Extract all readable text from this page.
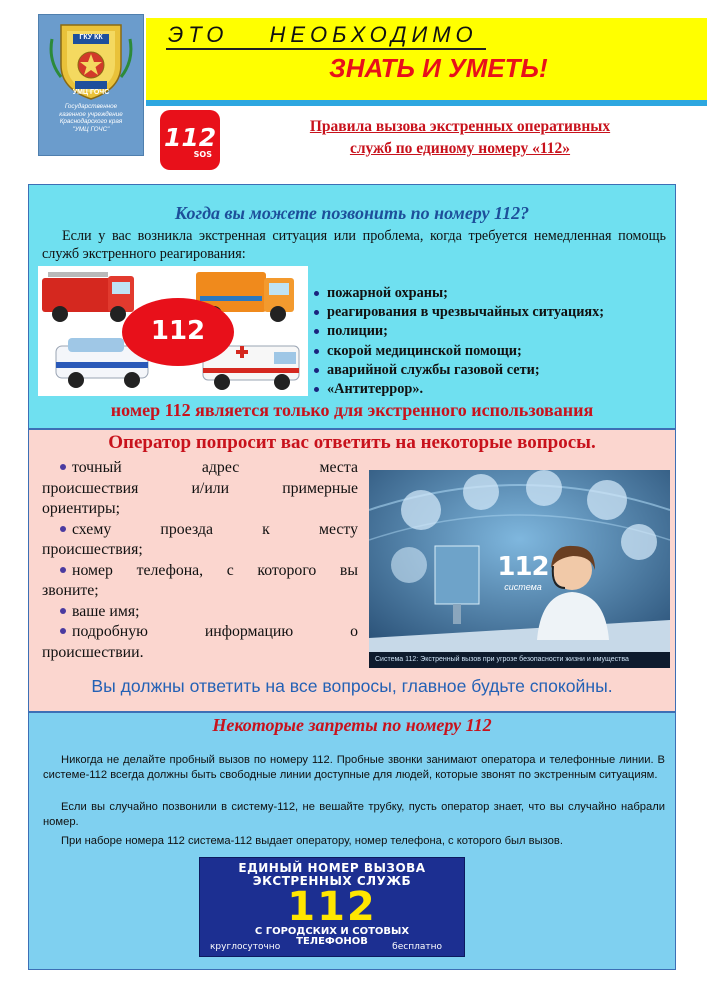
ГКУ КК
УМЦ ГОЧС
Государственное
казенное учреждение
Краснодарского края
"УМЦ ГОЧС"
ЭТО НЕОБХОДИМО
ЗНАТЬ И УМЕТЬ!
112
SOS
Правила вызова экстренных оперативных
служб по единому номеру «112»
Когда вы можете позвонить по номеру 112?
Если у вас возникла экстренная ситуация или проблема, когда требуется немедленная помощь служб экстренного реагирования:
112
пожарной охраны;
реагирования в чрезвычайных ситуациях;
полиции;
скорой медицинской помощи;
аварийной службы газовой сети;
«Антитеррор».
номер 112 является только для экстренного использования
Оператор попросит вас ответить на некоторые вопросы.
точный адрес места
происшествия и/или примерные
ориентиры;
схему проезда к месту
происшествия;
номер телефона, с которого вы
звоните;
ваше имя;
подробную информацию о
происшествии.
112
система
Система 112: Экстренный вызов при угрозе безопасности жизни и имущества
Вы должны ответить на все вопросы, главное будьте спокойны.
Некоторые запреты по номеру 112

Никогда не делайте пробный вызов по номеру 112. Пробные звонки занимают оператора и телефонные линии. В системе-112 всегда должны быть свободные линии доступные для людей, которые звонят по экстренным ситуациям.

Если вы случайно позвонили в систему-112, не вешайте трубку, пусть оператор знает, что вы случайно набрали номер.

При наборе номера 112 система-112 выдает оператору, номер телефона, с которого был вызов.

ЕДИНЫЙ НОМЕР ВЫЗОВА
ЭКСТРЕННЫХ СЛУЖБ
112
С ГОРОДСКИХ И СОТОВЫХ
ТЕЛЕФОНОВ
круглосуточно	бесплатно
